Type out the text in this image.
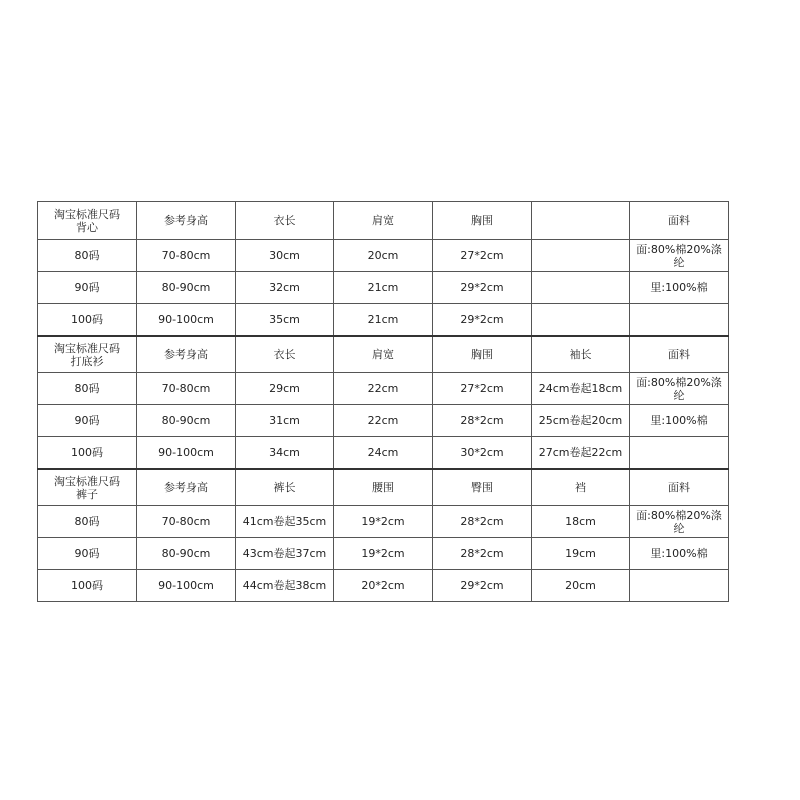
淘宝标准尺码
背心	参考身高	衣长	肩宽	胸围		面料
80码	70-80cm	30cm	20cm	27*2cm		面:80%棉20%涤纶
90码	80-90cm	32cm	21cm	29*2cm		里:100%棉
100码	90-100cm	35cm	21cm	29*2cm		
淘宝标准尺码
打底衫	参考身高	衣长	肩宽	胸围	袖长	面料
80码	70-80cm	29cm	22cm	27*2cm	24cm卷起18cm	面:80%棉20%涤纶
90码	80-90cm	31cm	22cm	28*2cm	25cm卷起20cm	里:100%棉
100码	90-100cm	34cm	24cm	30*2cm	27cm卷起22cm	
淘宝标准尺码
裤子	参考身高	裤长	腰围	臀围	裆	面料
80码	70-80cm	41cm卷起35cm	19*2cm	28*2cm	18cm	面:80%棉20%涤纶
90码	80-90cm	43cm卷起37cm	19*2cm	28*2cm	19cm	里:100%棉
100码	90-100cm	44cm卷起38cm	20*2cm	29*2cm	20cm	
